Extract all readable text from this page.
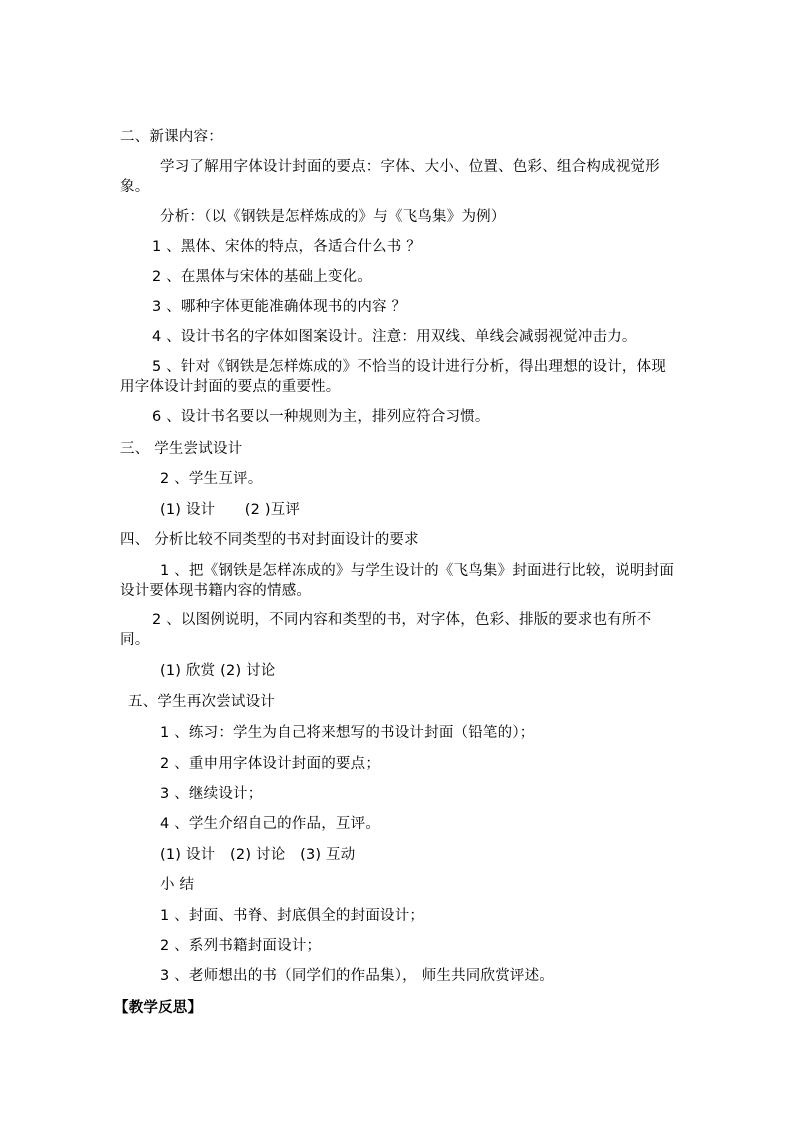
二、新课内容：
学习了解用字体设计封面的要点：字体、大小、位置、色彩、组合构成视觉形象。
分析：（以《钢铁是怎样炼成的》与《飞鸟集》为例）
1 、黑体、宋体的特点，各适合什么书 ？
2 、在黑体与宋体的基础上变化。
3 、哪种字体更能准确体现书的内容 ？
4 、设计书名的字体如图案设计。注意：用双线、单线会减弱视觉冲击力。
5 、针对《钢铁是怎样炼成的》不恰当的设计进行分析，得出理想的设计，体现用字体设计封面的要点的重要性。
6 、设计书名要以一种规则为主，排列应符合习惯。
三、 学生尝试设计
2 、学生互评。
(1) 设计　　(2 )互评
四、 分析比较不同类型的书对封面设计的要求
1 、把《钢铁是怎样冻成的》与学生设计的《飞鸟集》封面进行比较，说明封面设计要体现书籍内容的情感。
2 、以图例说明，不同内容和类型的书，对字体，色彩、排版的要求也有所不同。
(1) 欣赏 (2) 讨论
五、学生再次尝试设计
1 、练习：学生为自己将来想写的书设计封面（铅笔的）；
2 、重申用字体设计封面的要点；
3 、继续设计；
4 、学生介绍自己的作品，互评。
(1) 设计　(2) 讨论　(3) 互动
小 结
1 、封面、书脊、封底俱全的封面设计；
2 、系列书籍封面设计；
3 、老师想出的书（同学们的作品集）， 师生共同欣赏评述。
【教学反思】
